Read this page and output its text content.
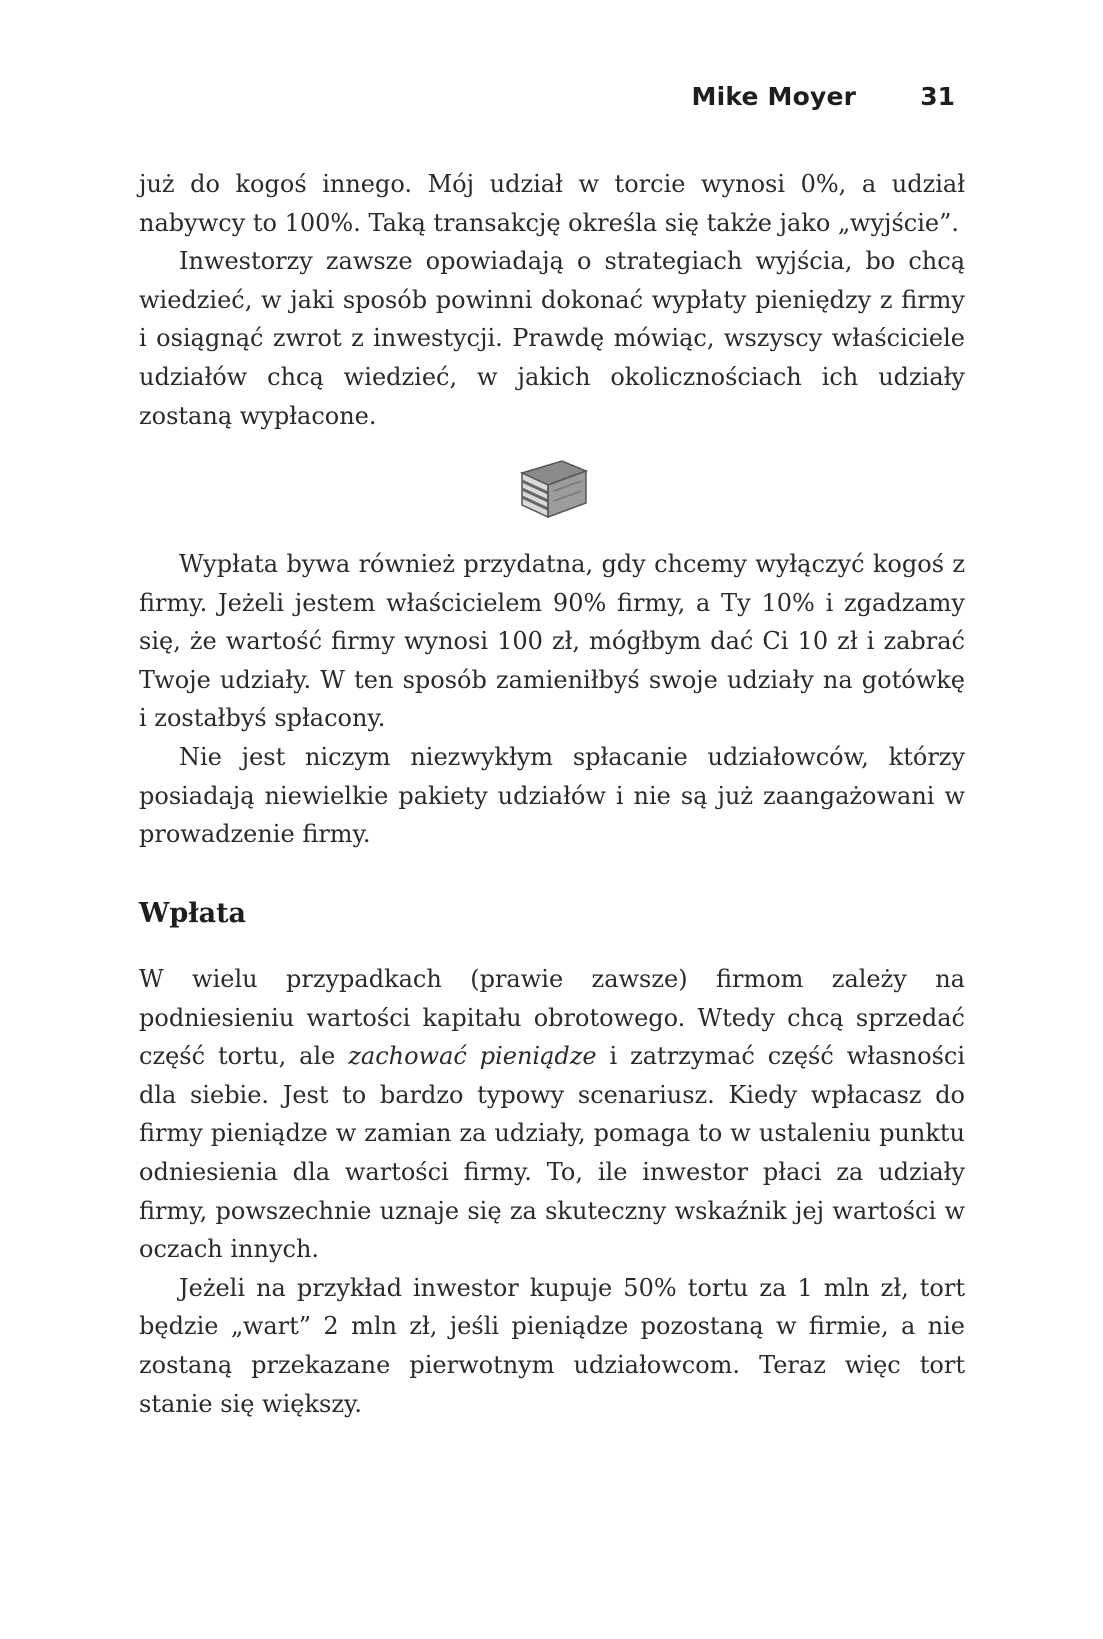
Mike Moyer	31

już do kogoś innego. Mój udział w torcie wynosi 0%, a udział nabywcy to 100%. Taką transakcję określa się także jako „wyjście”.

Inwestorzy zawsze opowiadają o strategiach wyjścia, bo chcą wiedzieć, w jaki sposób powinni dokonać wypłaty pieniędzy z firmy i osiągnąć zwrot z inwestycji. Prawdę mówiąc, wszyscy właściciele udziałów chcą wiedzieć, w jakich okolicznościach ich udziały zostaną wypłacone.

Wypłata bywa również przydatna, gdy chcemy wyłączyć kogoś z firmy. Jeżeli jestem właścicielem 90% firmy, a Ty 10% i zgadzamy się, że wartość firmy wynosi 100 zł, mógłbym dać Ci 10 zł i zabrać Twoje udziały. W ten sposób zamieniłbyś swoje udziały na gotówkę i zostałbyś spłacony.

Nie jest niczym niezwykłym spłacanie udziałowców, którzy posiadają niewielkie pakiety udziałów i nie są już zaangażowani w prowadzenie firmy.

Wpłata

W wielu przypadkach (prawie zawsze) firmom zależy na podniesieniu wartości kapitału obrotowego. Wtedy chcą sprzedać część tortu, ale zachować pieniądze i zatrzymać część własności dla siebie. Jest to bardzo typowy scenariusz. Kiedy wpłacasz do firmy pieniądze w zamian za udziały, pomaga to w ustaleniu punktu odniesienia dla wartości firmy. To, ile inwestor płaci za udziały firmy, powszechnie uznaje się za skuteczny wskaźnik jej wartości w oczach innych.

Jeżeli na przykład inwestor kupuje 50% tortu za 1 mln zł, tort będzie „wart” 2 mln zł, jeśli pieniądze pozostaną w firmie, a nie zostaną przekazane pierwotnym udziałowcom. Teraz więc tort stanie się większy.
